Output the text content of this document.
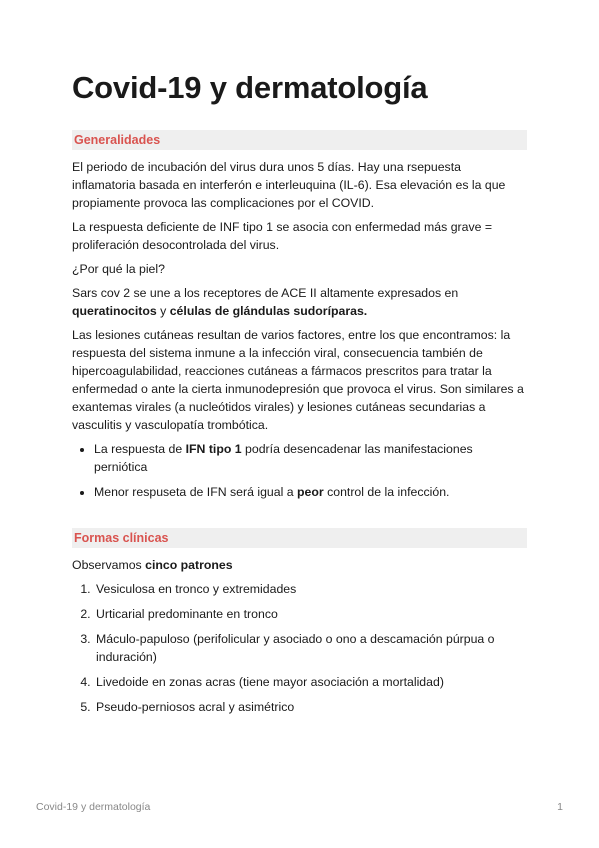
Covid-19 y dermatología
Generalidades

El periodo de incubación del virus dura unos 5 días. Hay una rsepuesta inflamatoria basada en interferón e interleuquina (IL-6). Esa elevación es la que propiamente provoca las complicaciones por el COVID.

La respuesta deficiente de INF tipo 1 se asocia con enfermedad más grave = proliferación desocontrolada del virus.

¿Por qué la piel?

Sars cov 2 se une a los receptores de ACE II altamente expresados en queratinocitos y células de glándulas sudoríparas.

Las lesiones cutáneas resultan de varios factores, entre los que encontramos: la respuesta del sistema inmune a la infección viral, consecuencia también de hipercoagulabilidad, reacciones cutáneas a fármacos prescritos para tratar la enfermedad o ante la cierta inmunodepresión que provoca el virus. Son similares a exantemas virales (a nucleótidos virales) y lesiones cutáneas secundarias a vasculitis y vasculopatía trombótica.

• La respuesta de IFN tipo 1 podría desencadenar las manifestaciones perniótica
• Menor respuseta de IFN será igual a peor control de la infección.
Formas clínicas

Observamos cinco patrones

1. Vesiculosa en tronco y extremidades
2. Urticarial predominante en tronco
3. Máculo-papuloso (perifolicular y asociado o ono a descamación púrpua o induración)
4. Livedoide en zonas acras (tiene mayor asociación a mortalidad)
5. Pseudo-perniosos acral y asimétrico
Covid-19 y dermatología	1
